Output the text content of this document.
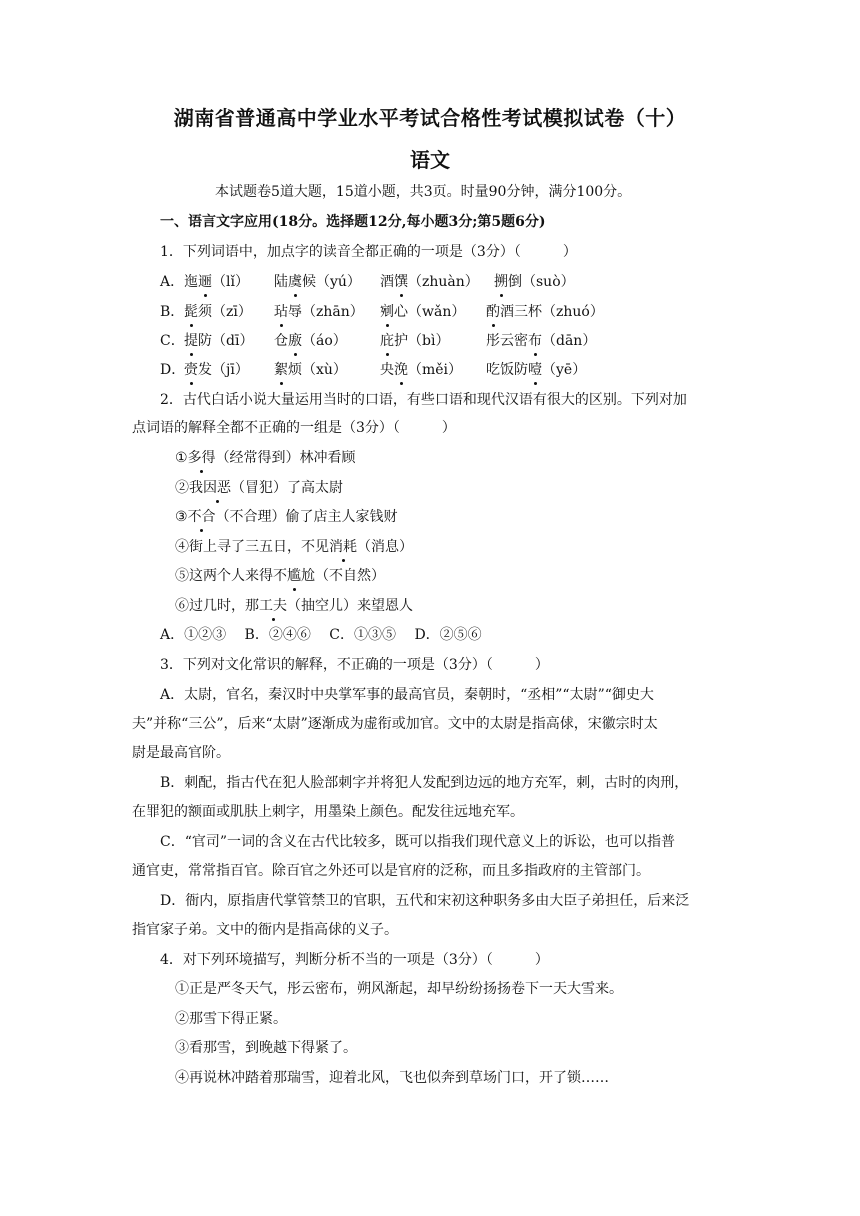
湖南省普通高中学业水平考试合格性考试模拟试卷（十）
语文
本试题卷5道大题，15道小题，共3页。时量90分钟，满分100分。
一、语言文字应用(18分。选择题12分,每小题3分;第5题6分)
1．下列词语中，加点字的读音全都正确的一项是（3分）（　　　）
A． 迤逦（lǐ） 陆虞候（yú） 酒馔（zhuàn） 搠倒（suò）
B． 髭须（zī） 玷辱（zhān） 剜心（wǎn） 酌酒三杯（zhuó）
C． 提防（dī） 仓廒（áo） 庇护（bì）	彤云密布（dān）
D．
赍发（jī） 絮烦（xù） 央浼（měi） 吃饭防噎（yē）
2．古代白话小说大量运用当时的口语，有些口语和现代汉语有很大的区别。下列对加
点词语的解释全都不正确的一组是（3分）（　　　）
①多得（经常得到）林冲看顾
②我因恶（冒犯）了高太尉
③不合（不合理）偷了店主人家钱财
④街上寻了三五日，不见消耗（消息）
⑤这两个人来得不尴尬（不自然）
⑥过几时，那工夫（抽空儿）来望恩人
A．①②③　 B．②④⑥　 C．①③⑤　 D．②⑤⑥
3．下列对文化常识的解释，不正确的一项是（3分）（　　　）
A．太尉，官名，秦汉时中央掌军事的最高官员，秦朝时，“丞相”“太尉”“御史大
夫”并称“三公”，后来“太尉”逐渐成为虚衔或加官。文中的太尉是指高俅，宋徽宗时太
尉是最高官阶。
B．刺配，指古代在犯人脸部刺字并将犯人发配到边远的地方充军，刺，古时的肉刑，
在罪犯的额面或肌肤上刺字，用墨染上颜色。配发往远地充军。
C．“官司”一词的含义在古代比较多，既可以指我们现代意义上的诉讼，也可以指普
通官吏，常常指百官。除百官之外还可以是官府的泛称，而且多指政府的主管部门。
D．衙内，原指唐代掌管禁卫的官职，五代和宋初这种职务多由大臣子弟担任，后来泛
指官家子弟。文中的衙内是指高俅的义子。
4．对下列环境描写，判断分析不当的一项是（3分）（　　　）
①正是严冬天气，彤云密布，朔风渐起，却早纷纷扬扬卷下一天大雪来。
②那雪下得正紧。
③看那雪，到晚越下得紧了。
④再说林冲踏着那瑞雪，迎着北风，飞也似奔到草场门口，开了锁……
